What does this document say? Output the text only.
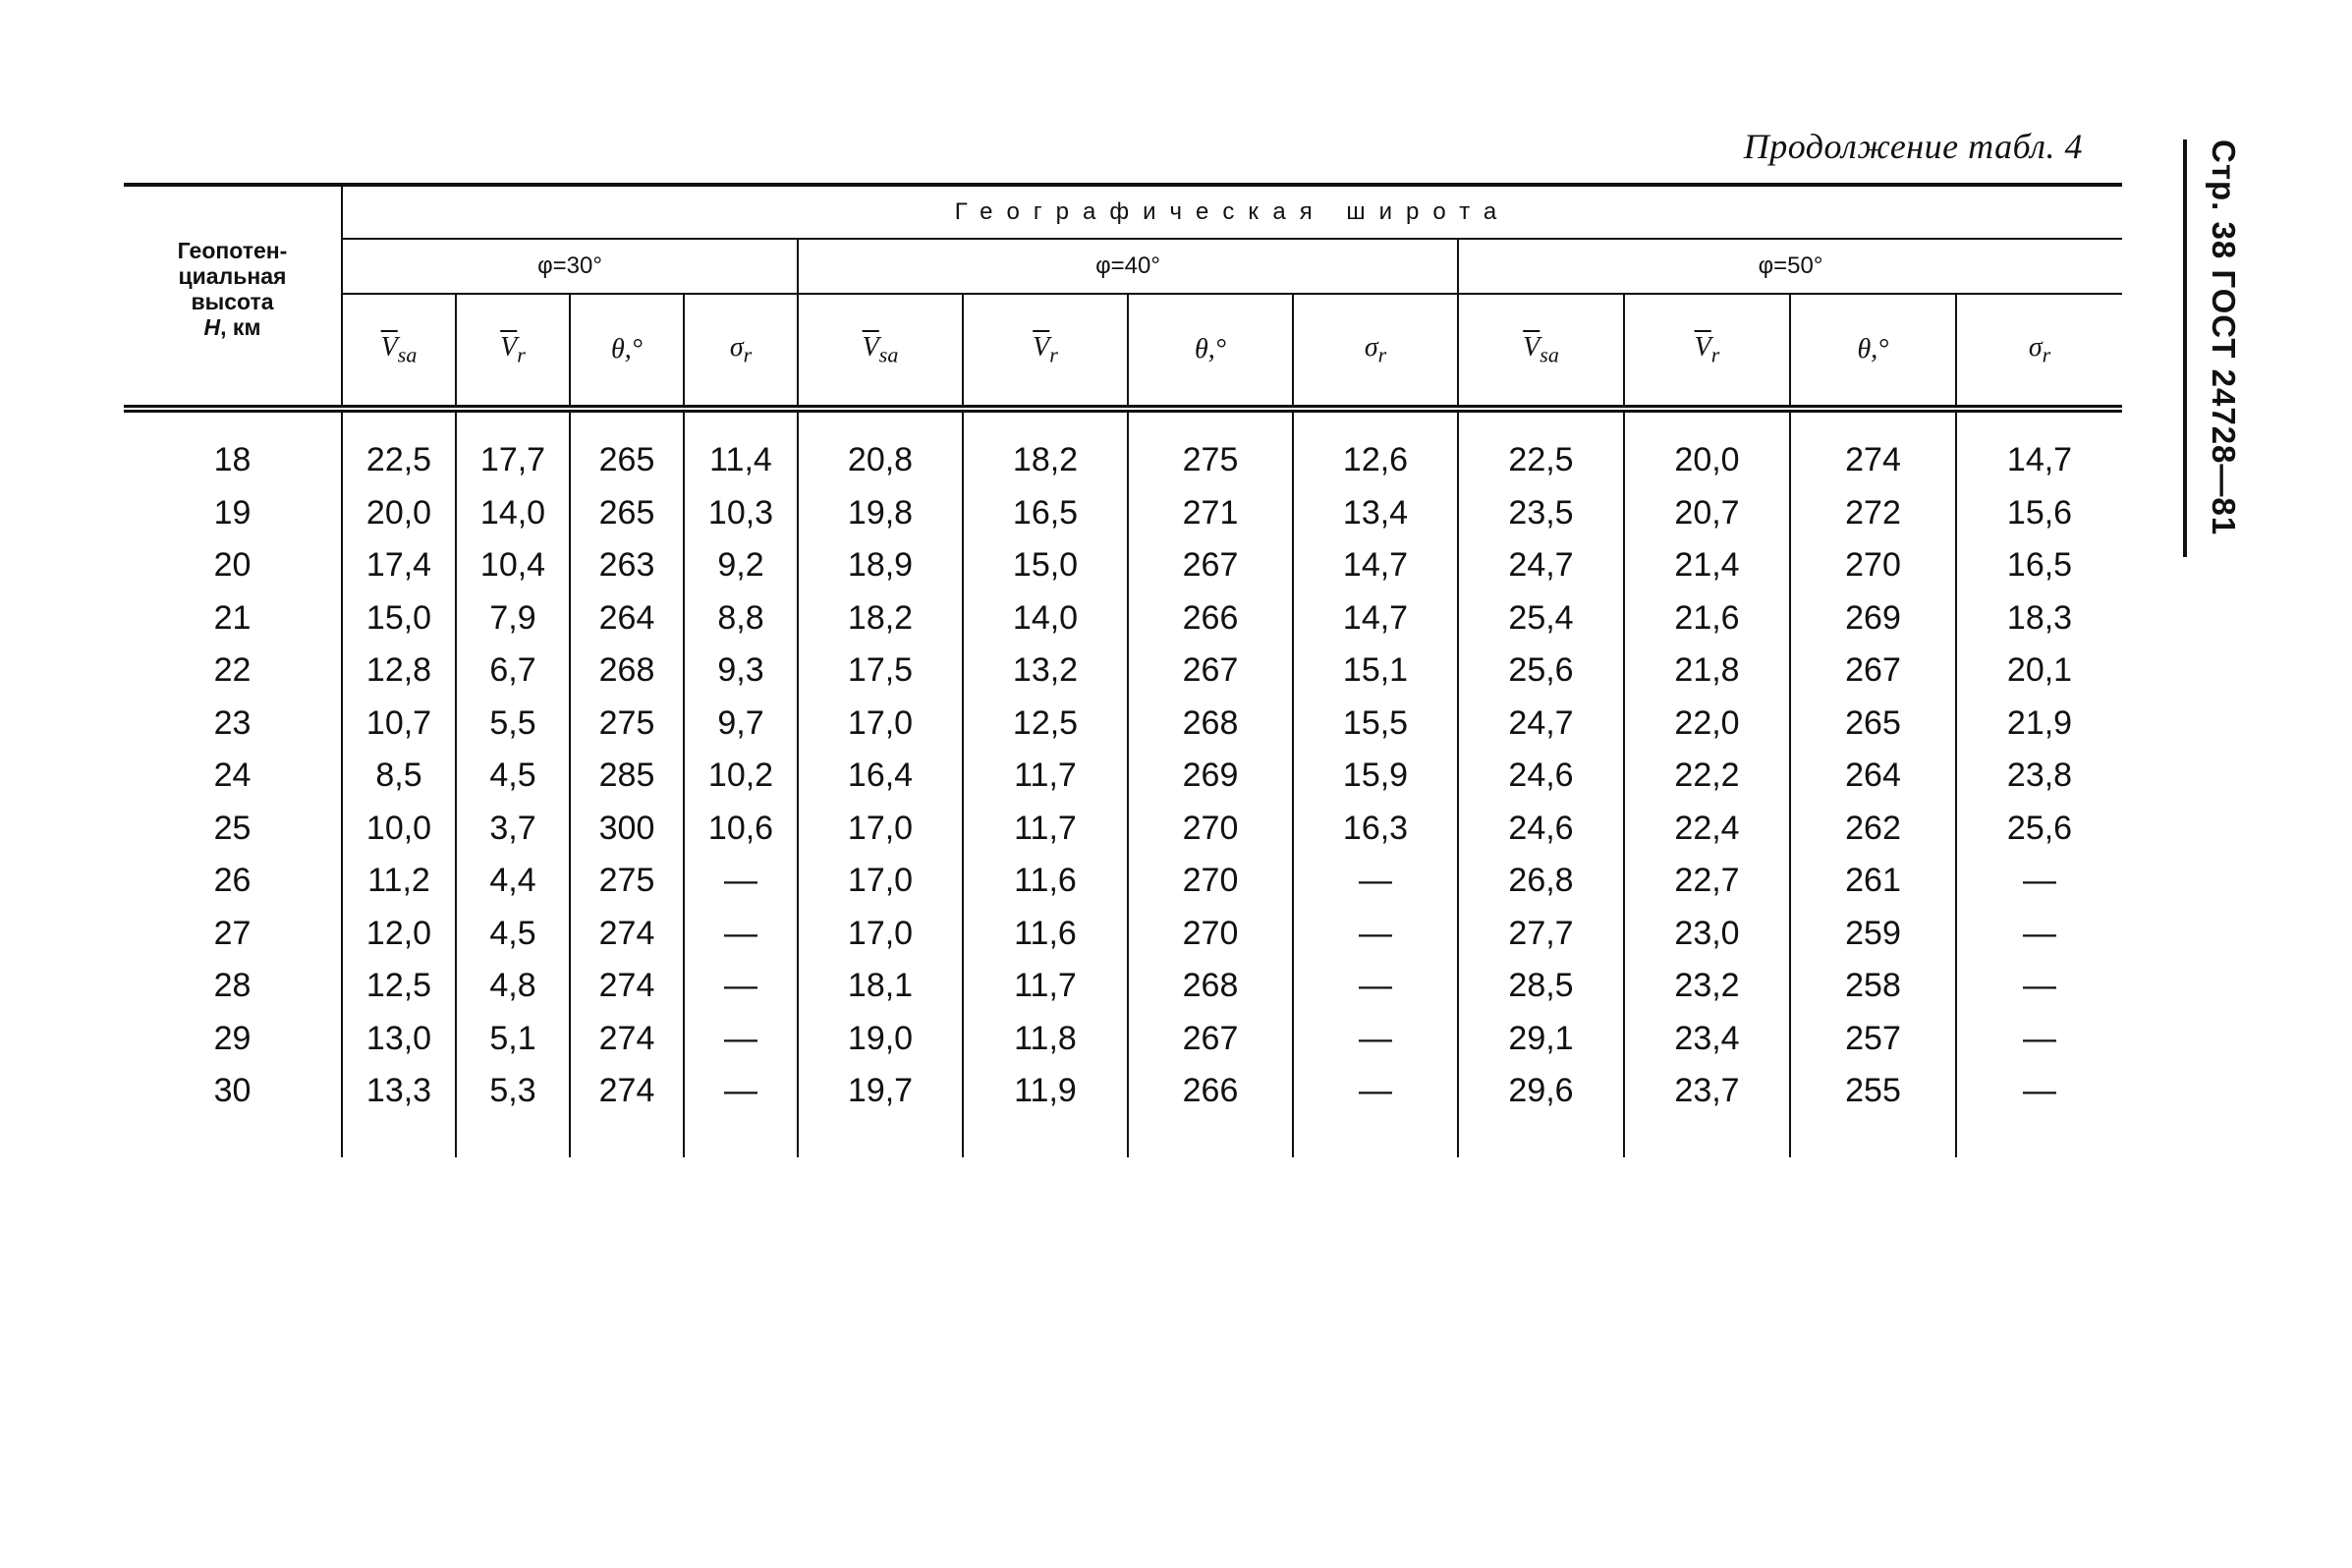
Продолжение табл. 4	Стр. 38 ГОСТ 24728—81
Геопотен-
циальная
высота
H, км	Географическая широта											
	φ=30°				φ=40°				φ=50°			
	$\overline{V}_{sa}$	$\overline{V}_r$	θ,°	$\sigma_r$	$\overline{V}_{sa}$	$\overline{V}_r$	θ,°	$\sigma_r$	$\overline{V}_{sa}$	$\overline{V}_r$	θ,°	$\sigma_r$
18	22,5	17,7	265	11,4	20,8	18,2	275	12,6	22,5	20,0	274	14,7
19	20,0	14,0	265	10,3	19,8	16,5	271	13,4	23,5	20,7	272	15,6
20	17,4	10,4	263	9,2	18,9	15,0	267	14,7	24,7	21,4	270	16,5
21	15,0	7,9	264	8,8	18,2	14,0	266	14,7	25,4	21,6	269	18,3
22	12,8	6,7	268	9,3	17,5	13,2	267	15,1	25,6	21,8	267	20,1
23	10,7	5,5	275	9,7	17,0	12,5	268	15,5	24,7	22,0	265	21,9
24	8,5	4,5	285	10,2	16,4	11,7	269	15,9	24,6	22,2	264	23,8
25	10,0	3,7	300	10,6	17,0	11,7	270	16,3	24,6	22,4	262	25,6
26	11,2	4,4	275	—	17,0	11,6	270	—	26,8	22,7	261	—
27	12,0	4,5	274	—	17,0	11,6	270	—	27,7	23,0	259	—
28	12,5	4,8	274	—	18,1	11,7	268	—	28,5	23,2	258	—
29	13,0	5,1	274	—	19,0	11,8	267	—	29,1	23,4	257	—
30	13,3	5,3	274	—	19,7	11,9	266	—	29,6	23,7	255	—
